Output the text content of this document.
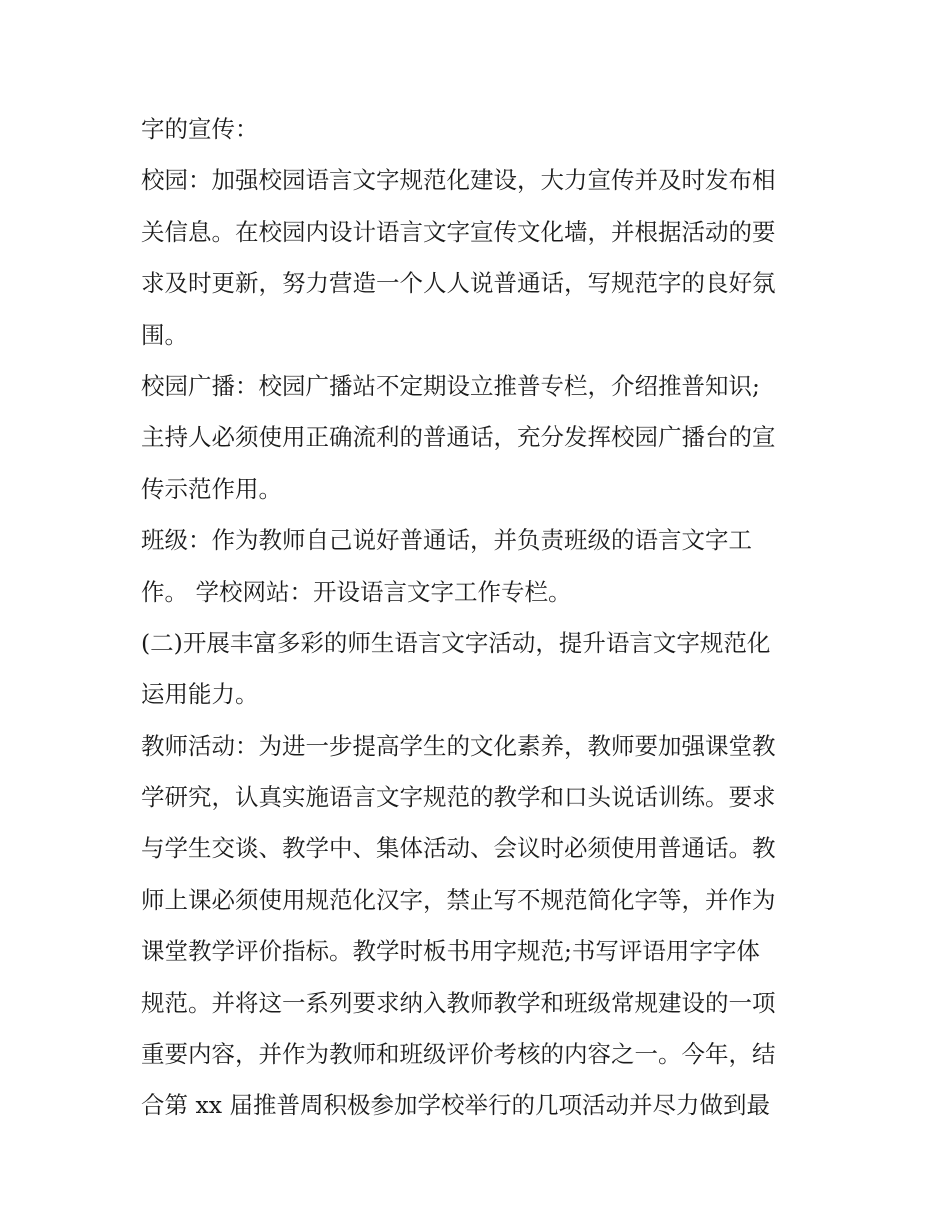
字的宣传：
校园：加强校园语言文字规范化建设，大力宣传并及时发布相
关信息。在校园内设计语言文字宣传文化墙，并根据活动的要
求及时更新，努力营造一个人人说普通话，写规范字的良好氛
围。
校园广播：校园广播站不定期设立推普专栏，介绍推普知识;
主持人必须使用正确流利的普通话，充分发挥校园广播台的宣
传示范作用。
班级：作为教师自己说好普通话，并负责班级的语言文字工
作。 学校网站：开设语言文字工作专栏。
(二)开展丰富多彩的师生语言文字活动，提升语言文字规范化
运用能力。
教师活动：为进一步提高学生的文化素养，教师要加强课堂教
学研究，认真实施语言文字规范的教学和口头说话训练。要求
与学生交谈、教学中、集体活动、会议时必须使用普通话。教
师上课必须使用规范化汉字，禁止写不规范简化字等，并作为
课堂教学评价指标。教学时板书用字规范;书写评语用字字体
规范。并将这一系列要求纳入教师教学和班级常规建设的一项
重要内容，并作为教师和班级评价考核的内容之一。今年，结
合第 xx 届推普周积极参加学校举行的几项活动并尽力做到最
